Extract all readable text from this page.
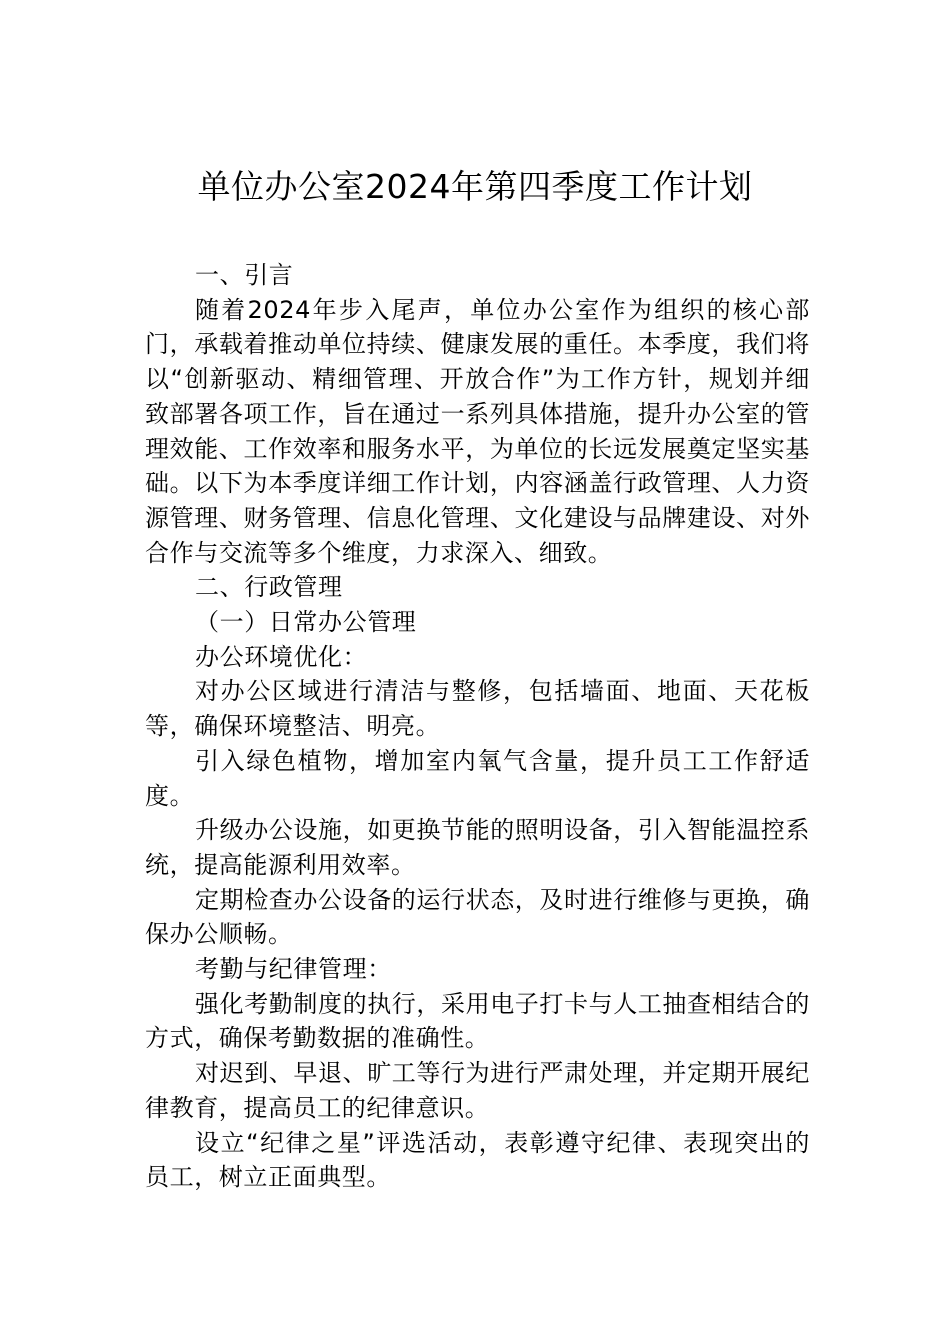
单位办公室2024年第四季度工作计划

一、引言

随着2024年步入尾声，单位办公室作为组织的核心部门，承载着推动单位持续、健康发展的重任。本季度，我们将以“创新驱动、精细管理、开放合作”为工作方针，规划并细致部署各项工作，旨在通过一系列具体措施，提升办公室的管理效能、工作效率和服务水平，为单位的长远发展奠定坚实基础。以下为本季度详细工作计划，内容涵盖行政管理、人力资源管理、财务管理、信息化管理、文化建设与品牌建设、对外合作与交流等多个维度，力求深入、细致。

二、行政管理

（一）日常办公管理

办公环境优化：

对办公区域进行清洁与整修，包括墙面、地面、天花板等，确保环境整洁、明亮。

引入绿色植物，增加室内氧气含量，提升员工工作舒适度。

升级办公设施，如更换节能的照明设备，引入智能温控系统，提高能源利用效率。

定期检查办公设备的运行状态，及时进行维修与更换，确保办公顺畅。

考勤与纪律管理：

强化考勤制度的执行，采用电子打卡与人工抽查相结合的方式，确保考勤数据的准确性。

对迟到、早退、旷工等行为进行严肃处理，并定期开展纪律教育，提高员工的纪律意识。

设立“纪律之星”评选活动，表彰遵守纪律、表现突出的员工，树立正面典型。
